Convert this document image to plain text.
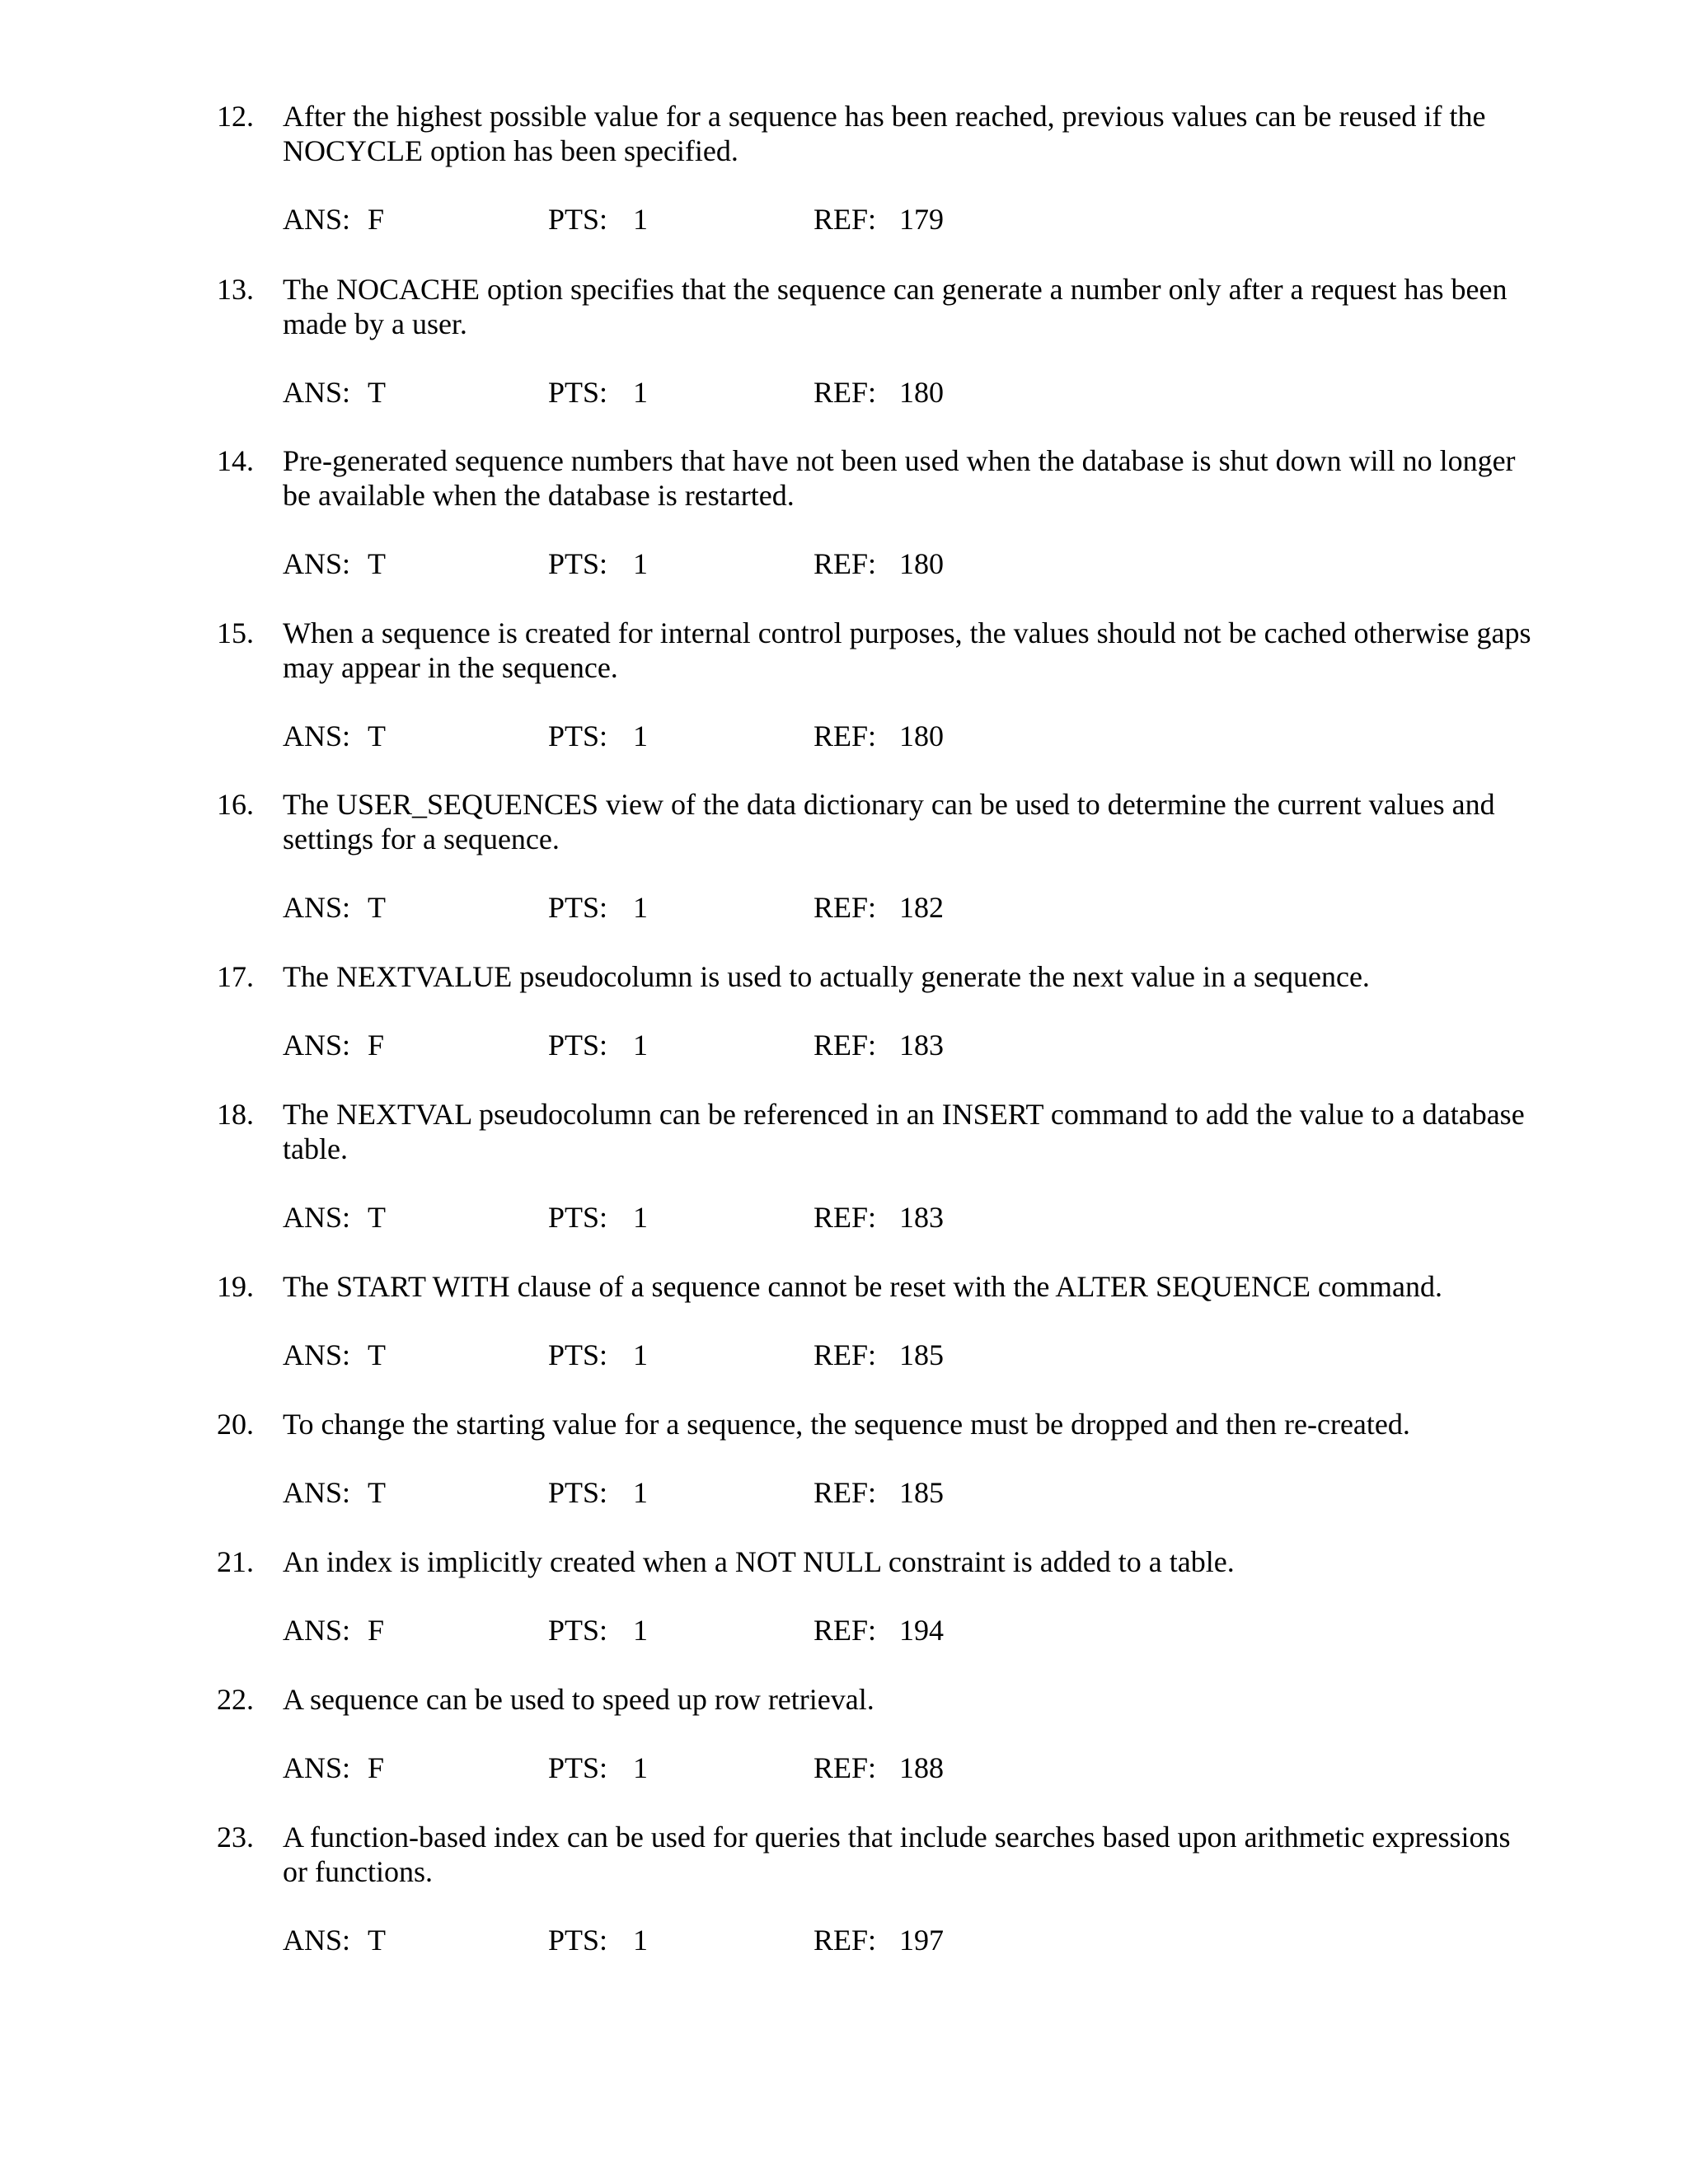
12. After the highest possible value for a sequence has been reached, previous values can be reused if the NOCYCLE option has been specified.
ANS: F	PTS: 1	REF: 179
13. The NOCACHE option specifies that the sequence can generate a number only after a request has been made by a user.
ANS: T	PTS: 1	REF: 180
14. Pre-generated sequence numbers that have not been used when the database is shut down will no longer be available when the database is restarted.
ANS: T	PTS: 1	REF: 180
15. When a sequence is created for internal control purposes, the values should not be cached otherwise gaps may appear in the sequence.
ANS: T	PTS: 1	REF: 180
16. The USER_SEQUENCES view of the data dictionary can be used to determine the current values and settings for a sequence.
ANS: T	PTS: 1	REF: 182
17. The NEXTVALUE pseudocolumn is used to actually generate the next value in a sequence.
ANS: F	PTS: 1	REF: 183
18. The NEXTVAL pseudocolumn can be referenced in an INSERT command to add the value to a database table.
ANS: T	PTS: 1	REF: 183
19. The START WITH clause of a sequence cannot be reset with the ALTER SEQUENCE command.
ANS: T	PTS: 1	REF: 185
20. To change the starting value for a sequence, the sequence must be dropped and then re-created.
ANS: T	PTS: 1	REF: 185
21. An index is implicitly created when a NOT NULL constraint is added to a table.
ANS: F	PTS: 1	REF: 194
22. A sequence can be used to speed up row retrieval.
ANS: F	PTS: 1	REF: 188
23. A function-based index can be used for queries that include searches based upon arithmetic expressions or functions.
ANS: T	PTS: 1	REF: 197
